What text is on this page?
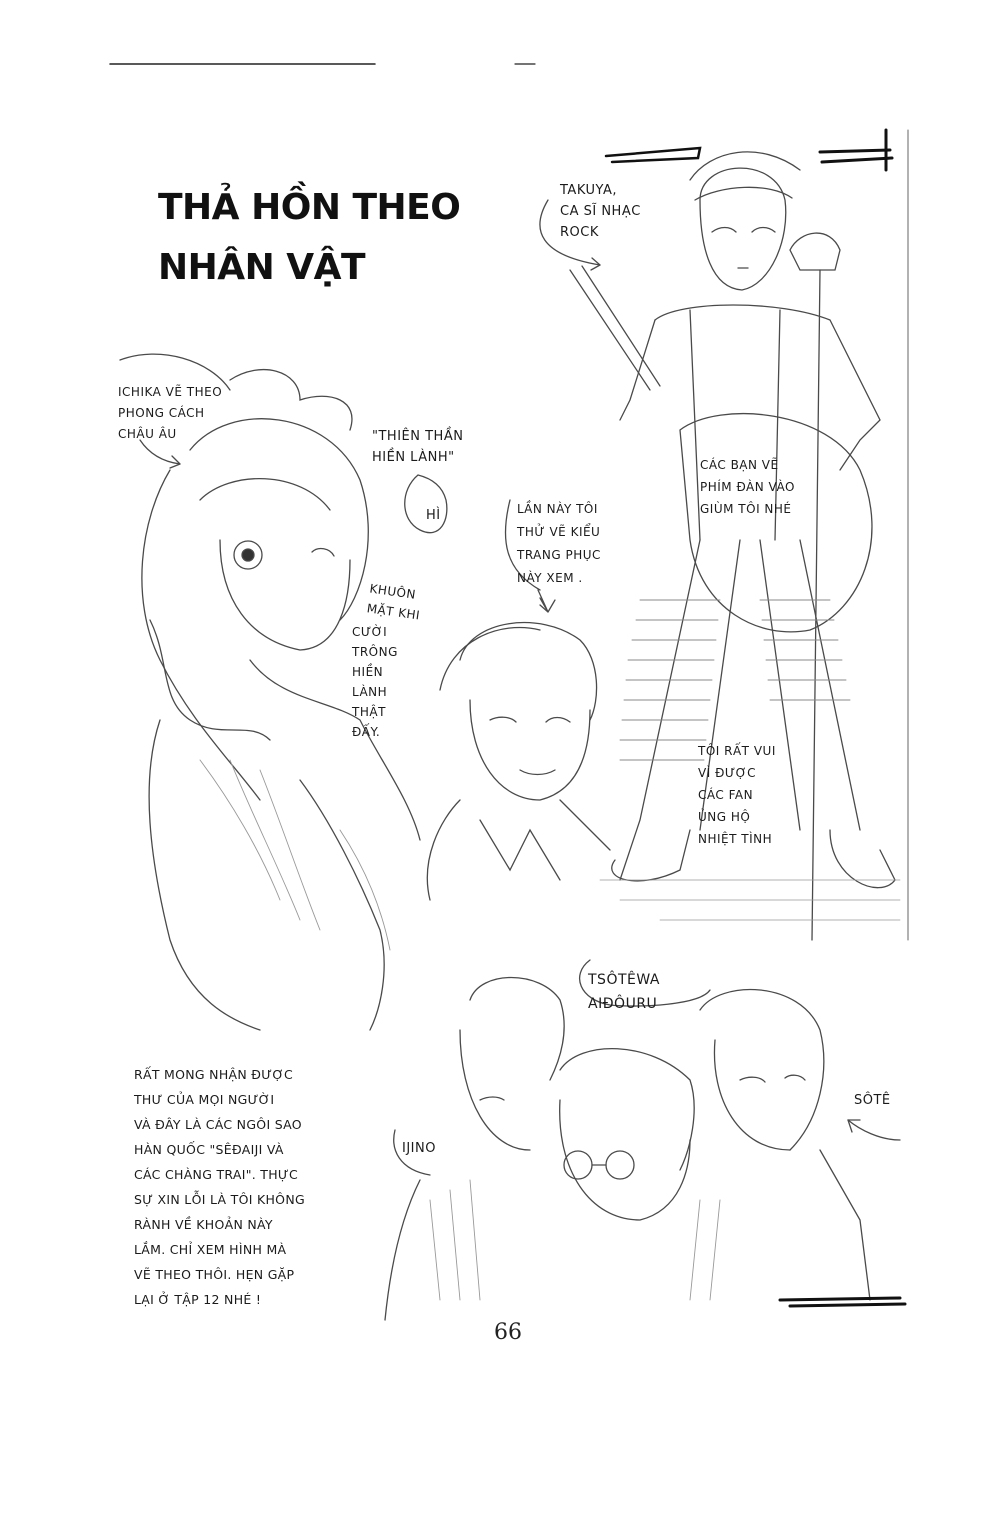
THẢ HỒN THEO
NHÂN VẬT
TAKUYA,
CA SĨ NHẠC
ROCK
ICHIKA VẼ THEO
PHONG CÁCH
CHÂU ÂU	"THIÊN THẦN
HIỀN LÀNH"
HÌ	LẦN NÀY TÔI
THỬ VẼ KIỂU
TRANG PHỤC
NÀY XEM .
KHUÔN
MẶT KHI
CƯỜI
TRÔNG
HIỀN
LÀNH
THẬT
ĐẤY.
CÁC BẠN VẼ
PHÍM ĐÀN VÀO
GIÙM TÔI NHÉ
TÔI RẤT VUI
VÌ ĐƯỢC
CÁC FAN
ỦNG HỘ
NHIỆT TÌNH
TSÔTÊWA
AIĐÔURU
IJINO
SÔTÊ
RẤT MONG NHẬN ĐƯỢC
THƯ CỦA MỌI NGƯỜI
VÀ ĐÂY LÀ CÁC NGÔI SAO
HÀN QUỐC "SÊĐAIJI VÀ
CÁC CHÀNG TRAI". THỰC
SỰ XIN LỖI LÀ TÔI KHÔNG
RÀNH VỀ KHOẢN NÀY
LẮM. CHỈ XEM HÌNH MÀ
VẼ THEO THÔI. HẸN GẶP
LẠI Ở TẬP 12 NHÉ !
66
